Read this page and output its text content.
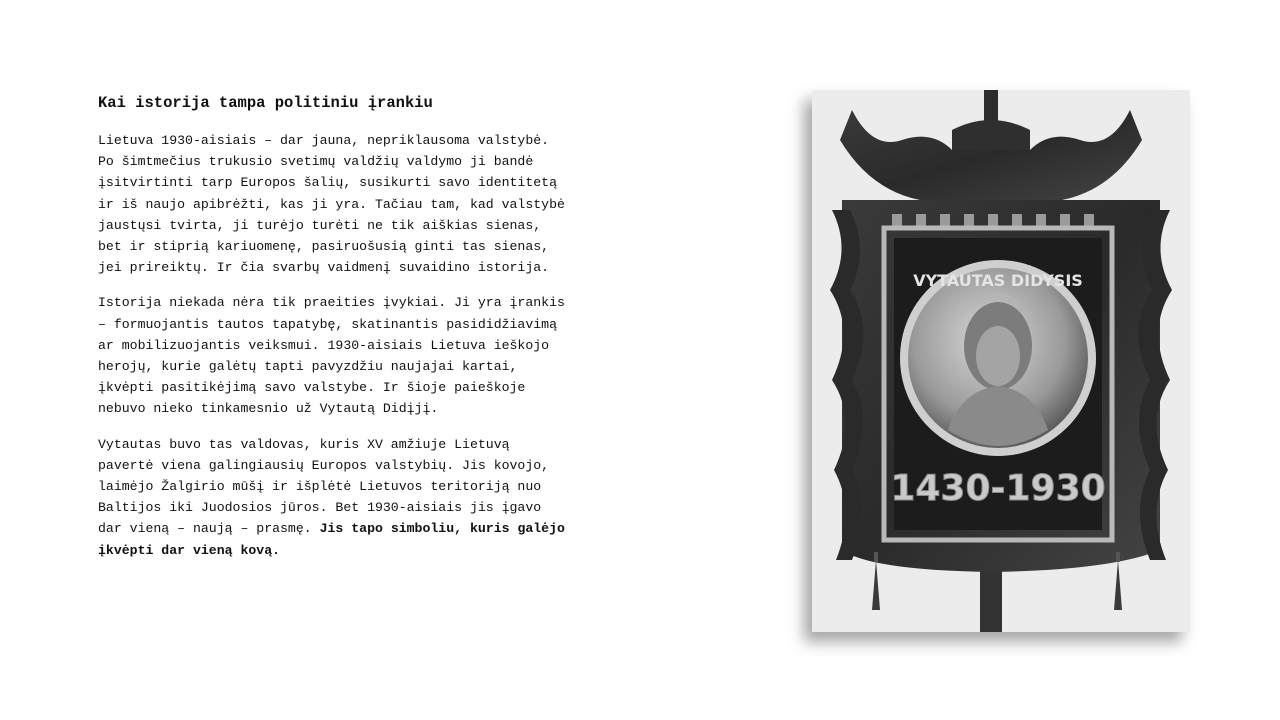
Kai istorija tampa politiniu įrankiu

Lietuva 1930-aisiais – dar jauna, nepriklausoma valstybė.
Po šimtmečius trukusio svetimų valdžių valdymo ji bandė
įsitvirtinti tarp Europos šalių, susikurti savo identitetą
ir iš naujo apibrėžti, kas ji yra. Tačiau tam, kad valstybė
jaustųsi tvirta, ji turėjo turėti ne tik aiškias sienas,
bet ir stiprią kariuomenę, pasiruošusią ginti tas sienas,
jei prireiktų. Ir čia svarbų vaidmenį suvaidino istorija.

Istorija niekada nėra tik praeities įvykiai. Ji yra įrankis
– formuojantis tautos tapatybę, skatinantis pasididžiavimą
ar mobilizuojantis veiksmui. 1930-aisiais Lietuva ieškojo
herojų, kurie galėtų tapti pavyzdžiu naujajai kartai,
įkvėpti pasitikėjimą savo valstybe. Ir šioje paieškoje
nebuvo nieko tinkamesnio už Vytautą Didįjį.

Vytautas buvo tas valdovas, kuris XV amžiuje Lietuvą
pavertė viena galingiausių Europos valstybių. Jis kovojo,
laimėjo Žalgirio mūšį ir išplėtė Lietuvos teritoriją nuo
Baltijos iki Juodosios jūros. Bet 1930-aisiais jis įgavo
dar vieną – naują – prasmę. Jis tapo simboliu, kuris galėjo
įkvėpti dar vieną kovą.

VYTAUTAS DIDYSIS
1430-1930
